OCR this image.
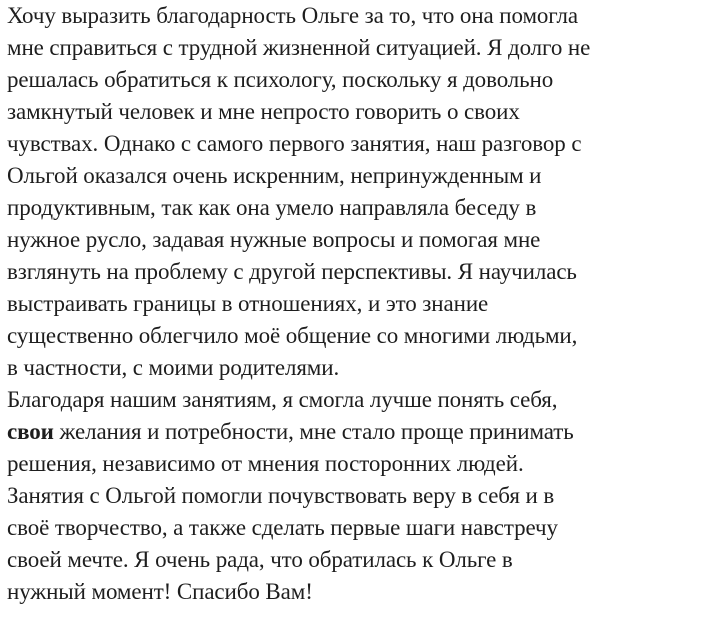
Хочу выразить благодарность Ольге за то, что она помогла
мне справиться с трудной жизненной ситуацией. Я долго не
решалась обратиться к психологу, поскольку я довольно
замкнутый человек и мне непросто говорить о своих
чувствах. Однако с самого первого занятия, наш разговор с
Ольгой оказался очень искренним, непринужденным и
продуктивным, так как она умело направляла беседу в
нужное русло, задавая нужные вопросы и помогая мне
взглянуть на проблему с другой перспективы. Я научилась
выстраивать границы в отношениях, и это знание
существенно облегчило моё общение со многими людьми,
в частности, с моими родителями.
Благодаря нашим занятиям, я смогла лучше понять себя,
свои желания и потребности, мне стало проще принимать
решения, независимо от мнения посторонних людей.
Занятия с Ольгой помогли почувствовать веру в себя и в
своё творчество, а также сделать первые шаги навстречу
своей мечте. Я очень рада, что обратилась к Ольге в
нужный момент! Спасибо Вам!
